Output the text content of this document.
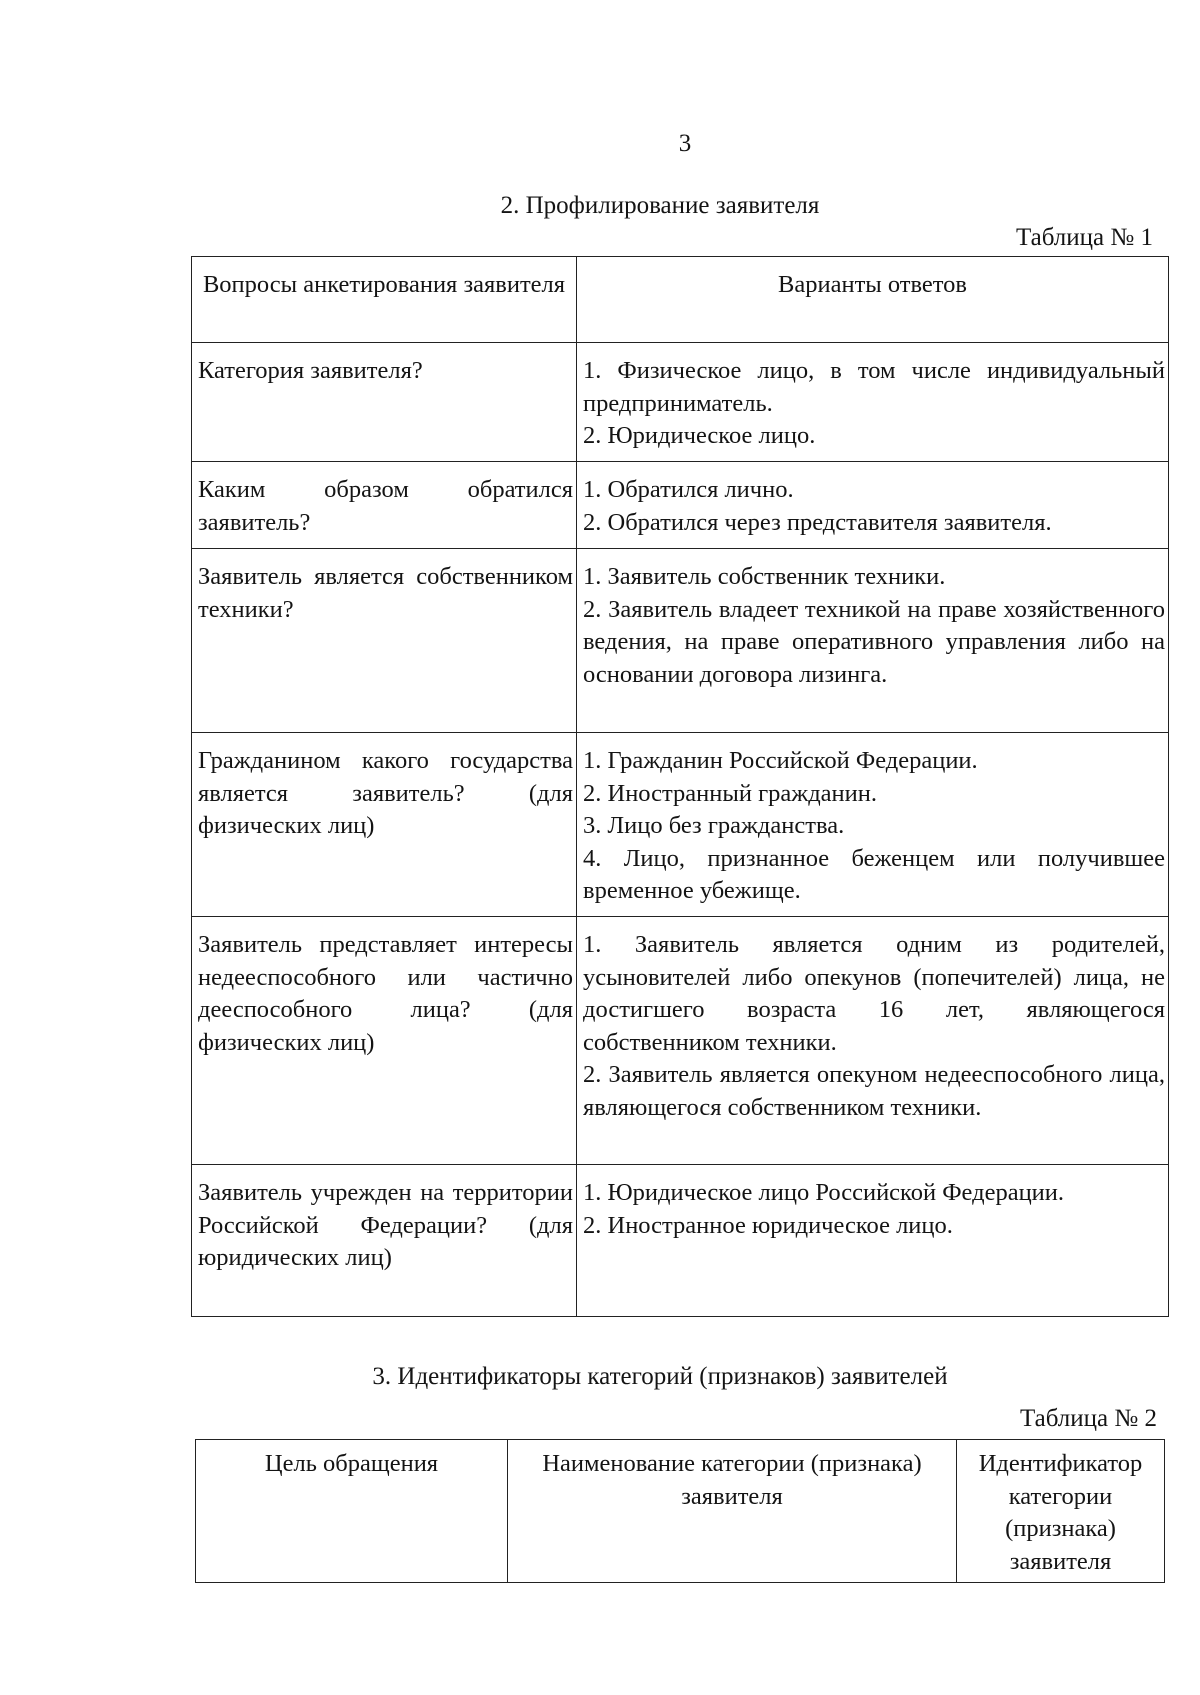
3
2. Профилирование заявителя
Таблица № 1
Вопросы анкетирования заявителя	Варианты ответов
Категория заявителя?	1. Физическое лицо, в том числе индивидуальный предприниматель.
2. Юридическое лицо.

Каким образом обратился заявитель?	1. Обратился лично.
2. Обратился через представителя заявителя.

Заявитель является собственником техники?	1. Заявитель собственник техники.
2. Заявитель владеет техникой на праве хозяйственного ведения, на праве оперативного управления либо на основании договора лизинга.

Гражданином какого государства является заявитель? (для физических лиц)	1. Гражданин Российской Федерации.
2. Иностранный гражданин.
3. Лицо без гражданства.
4. Лицо, признанное беженцем или получившее временное убежище.

Заявитель представляет интересы недееспособного или частично дееспособного лица? (для физических лиц)	1. Заявитель является одним из родителей, усыновителей либо опекунов (попечителей) лица, не достигшего возраста 16 лет, являющегося собственником техники.
2. Заявитель является опекуном недееспособного лица, являющегося собственником техники.

Заявитель учрежден на территории Российской Федерации? (для юридических лиц)	1. Юридическое лицо Российской Федерации.
2. Иностранное юридическое лицо.
3. Идентификаторы категорий (признаков) заявителей
Таблица № 2
Цель обращения	Наименование категории (признака) заявителя	Идентификатор категории (признака) заявителя
